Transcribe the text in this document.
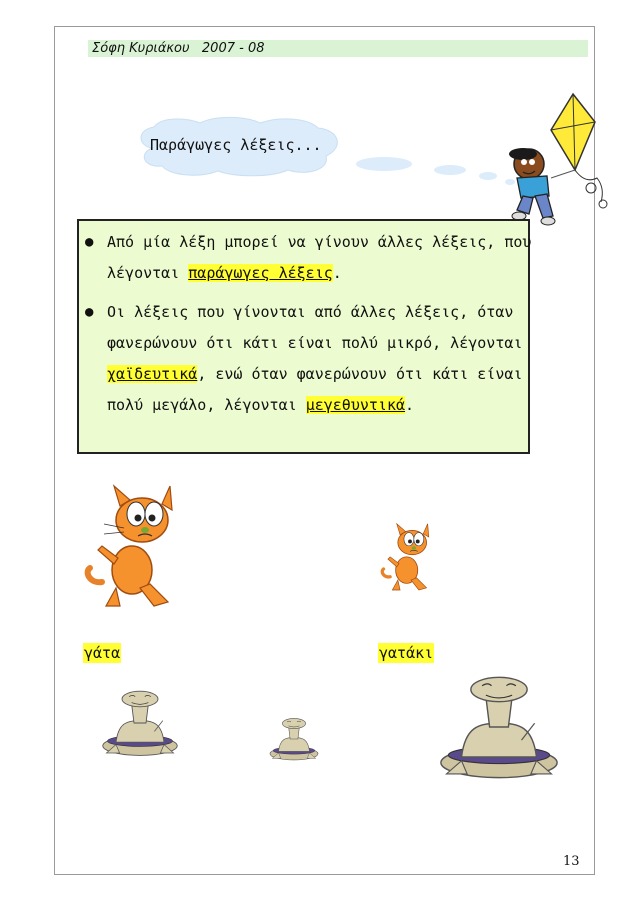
Σόφη Κυριάκου   2007 - 08
Παράγωγες λέξεις...
● Από μία λέξη μπορεί να γίνουν άλλες λέξεις, που
λέγονται παράγωγες λέξεις.
● Οι λέξεις που γίνονται από άλλες λέξεις, όταν
φανερώνουν ότι κάτι είναι πολύ μικρό, λέγονται
χαϊδευτικά, ενώ όταν φανερώνουν ότι κάτι είναι
πολύ μεγάλο, λέγονται μεγεθυντικά.
γάτα	γατάκι
13
